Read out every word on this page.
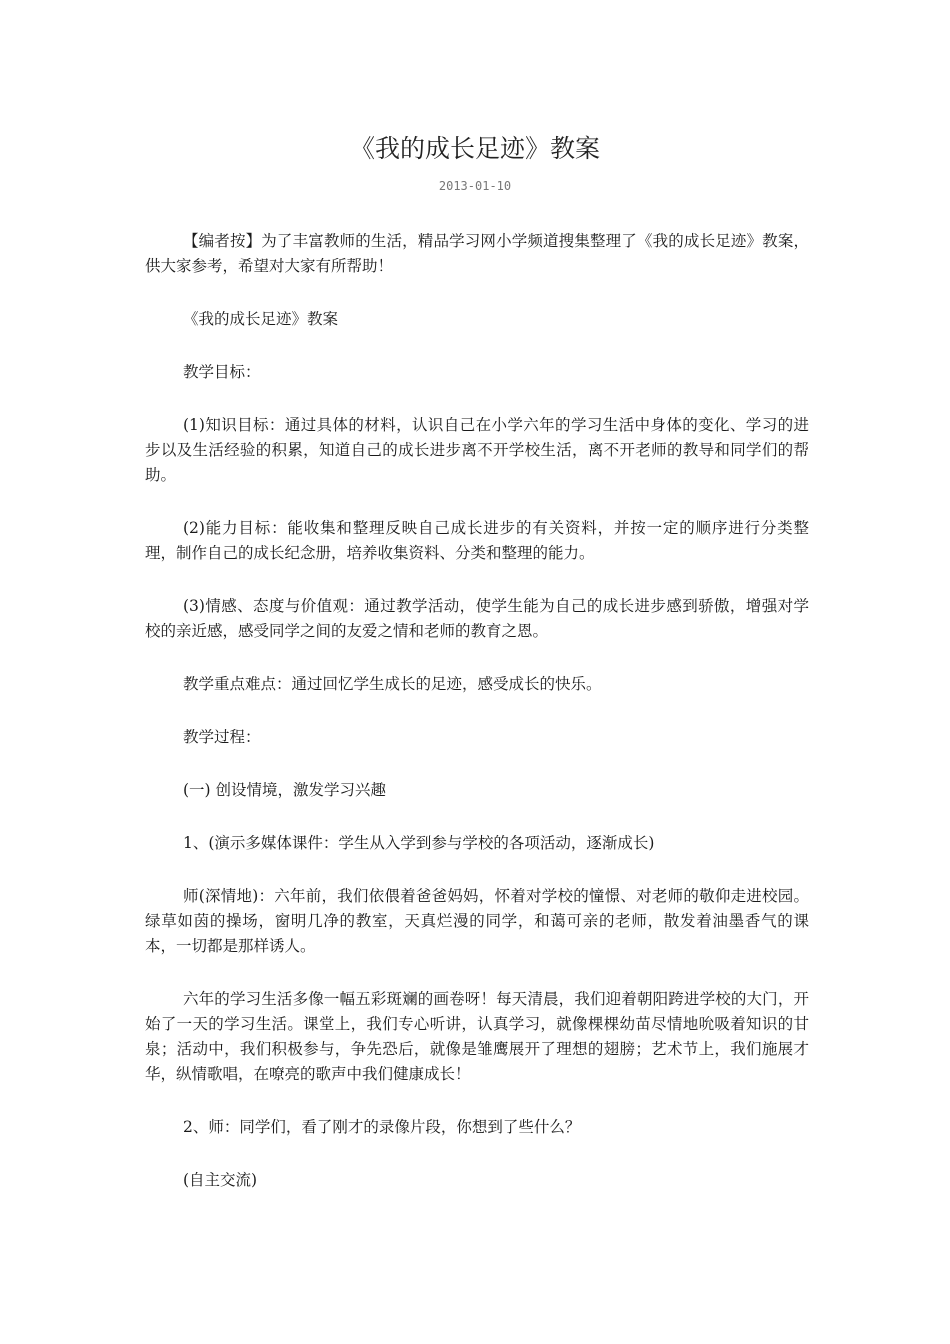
《我的成长足迹》教案
2013-01-10

【编者按】为了丰富教师的生活，精品学习网小学频道搜集整理了《我的成长足迹》教案，供大家参考，希望对大家有所帮助！

《我的成长足迹》教案

教学目标：

(1)知识目标：通过具体的材料，认识自己在小学六年的学习生活中身体的变化、学习的进步以及生活经验的积累，知道自己的成长进步离不开学校生活，离不开老师的教导和同学们的帮助。

(2)能力目标：能收集和整理反映自己成长进步的有关资料，并按一定的顺序进行分类整理，制作自己的成长纪念册，培养收集资料、分类和整理的能力。

(3)情感、态度与价值观：通过教学活动，使学生能为自己的成长进步感到骄傲，增强对学校的亲近感，感受同学之间的友爱之情和老师的教育之恩。

教学重点难点：通过回忆学生成长的足迹，感受成长的快乐。

教学过程：

(一) 创设情境，激发学习兴趣

1、(演示多媒体课件：学生从入学到参与学校的各项活动，逐渐成长)

师(深情地)：六年前，我们依偎着爸爸妈妈，怀着对学校的憧憬、对老师的敬仰走进校园。绿草如茵的操场，窗明几净的教室，天真烂漫的同学，和蔼可亲的老师，散发着油墨香气的课本，一切都是那样诱人。

六年的学习生活多像一幅五彩斑斓的画卷呀！每天清晨，我们迎着朝阳跨进学校的大门，开始了一天的学习生活。课堂上，我们专心听讲，认真学习，就像棵棵幼苗尽情地吮吸着知识的甘泉；活动中，我们积极参与，争先恐后，就像是雏鹰展开了理想的翅膀；艺术节上，我们施展才华，纵情歌唱，在嘹亮的歌声中我们健康成长！

2、师：同学们，看了刚才的录像片段，你想到了些什么？

(自主交流)
